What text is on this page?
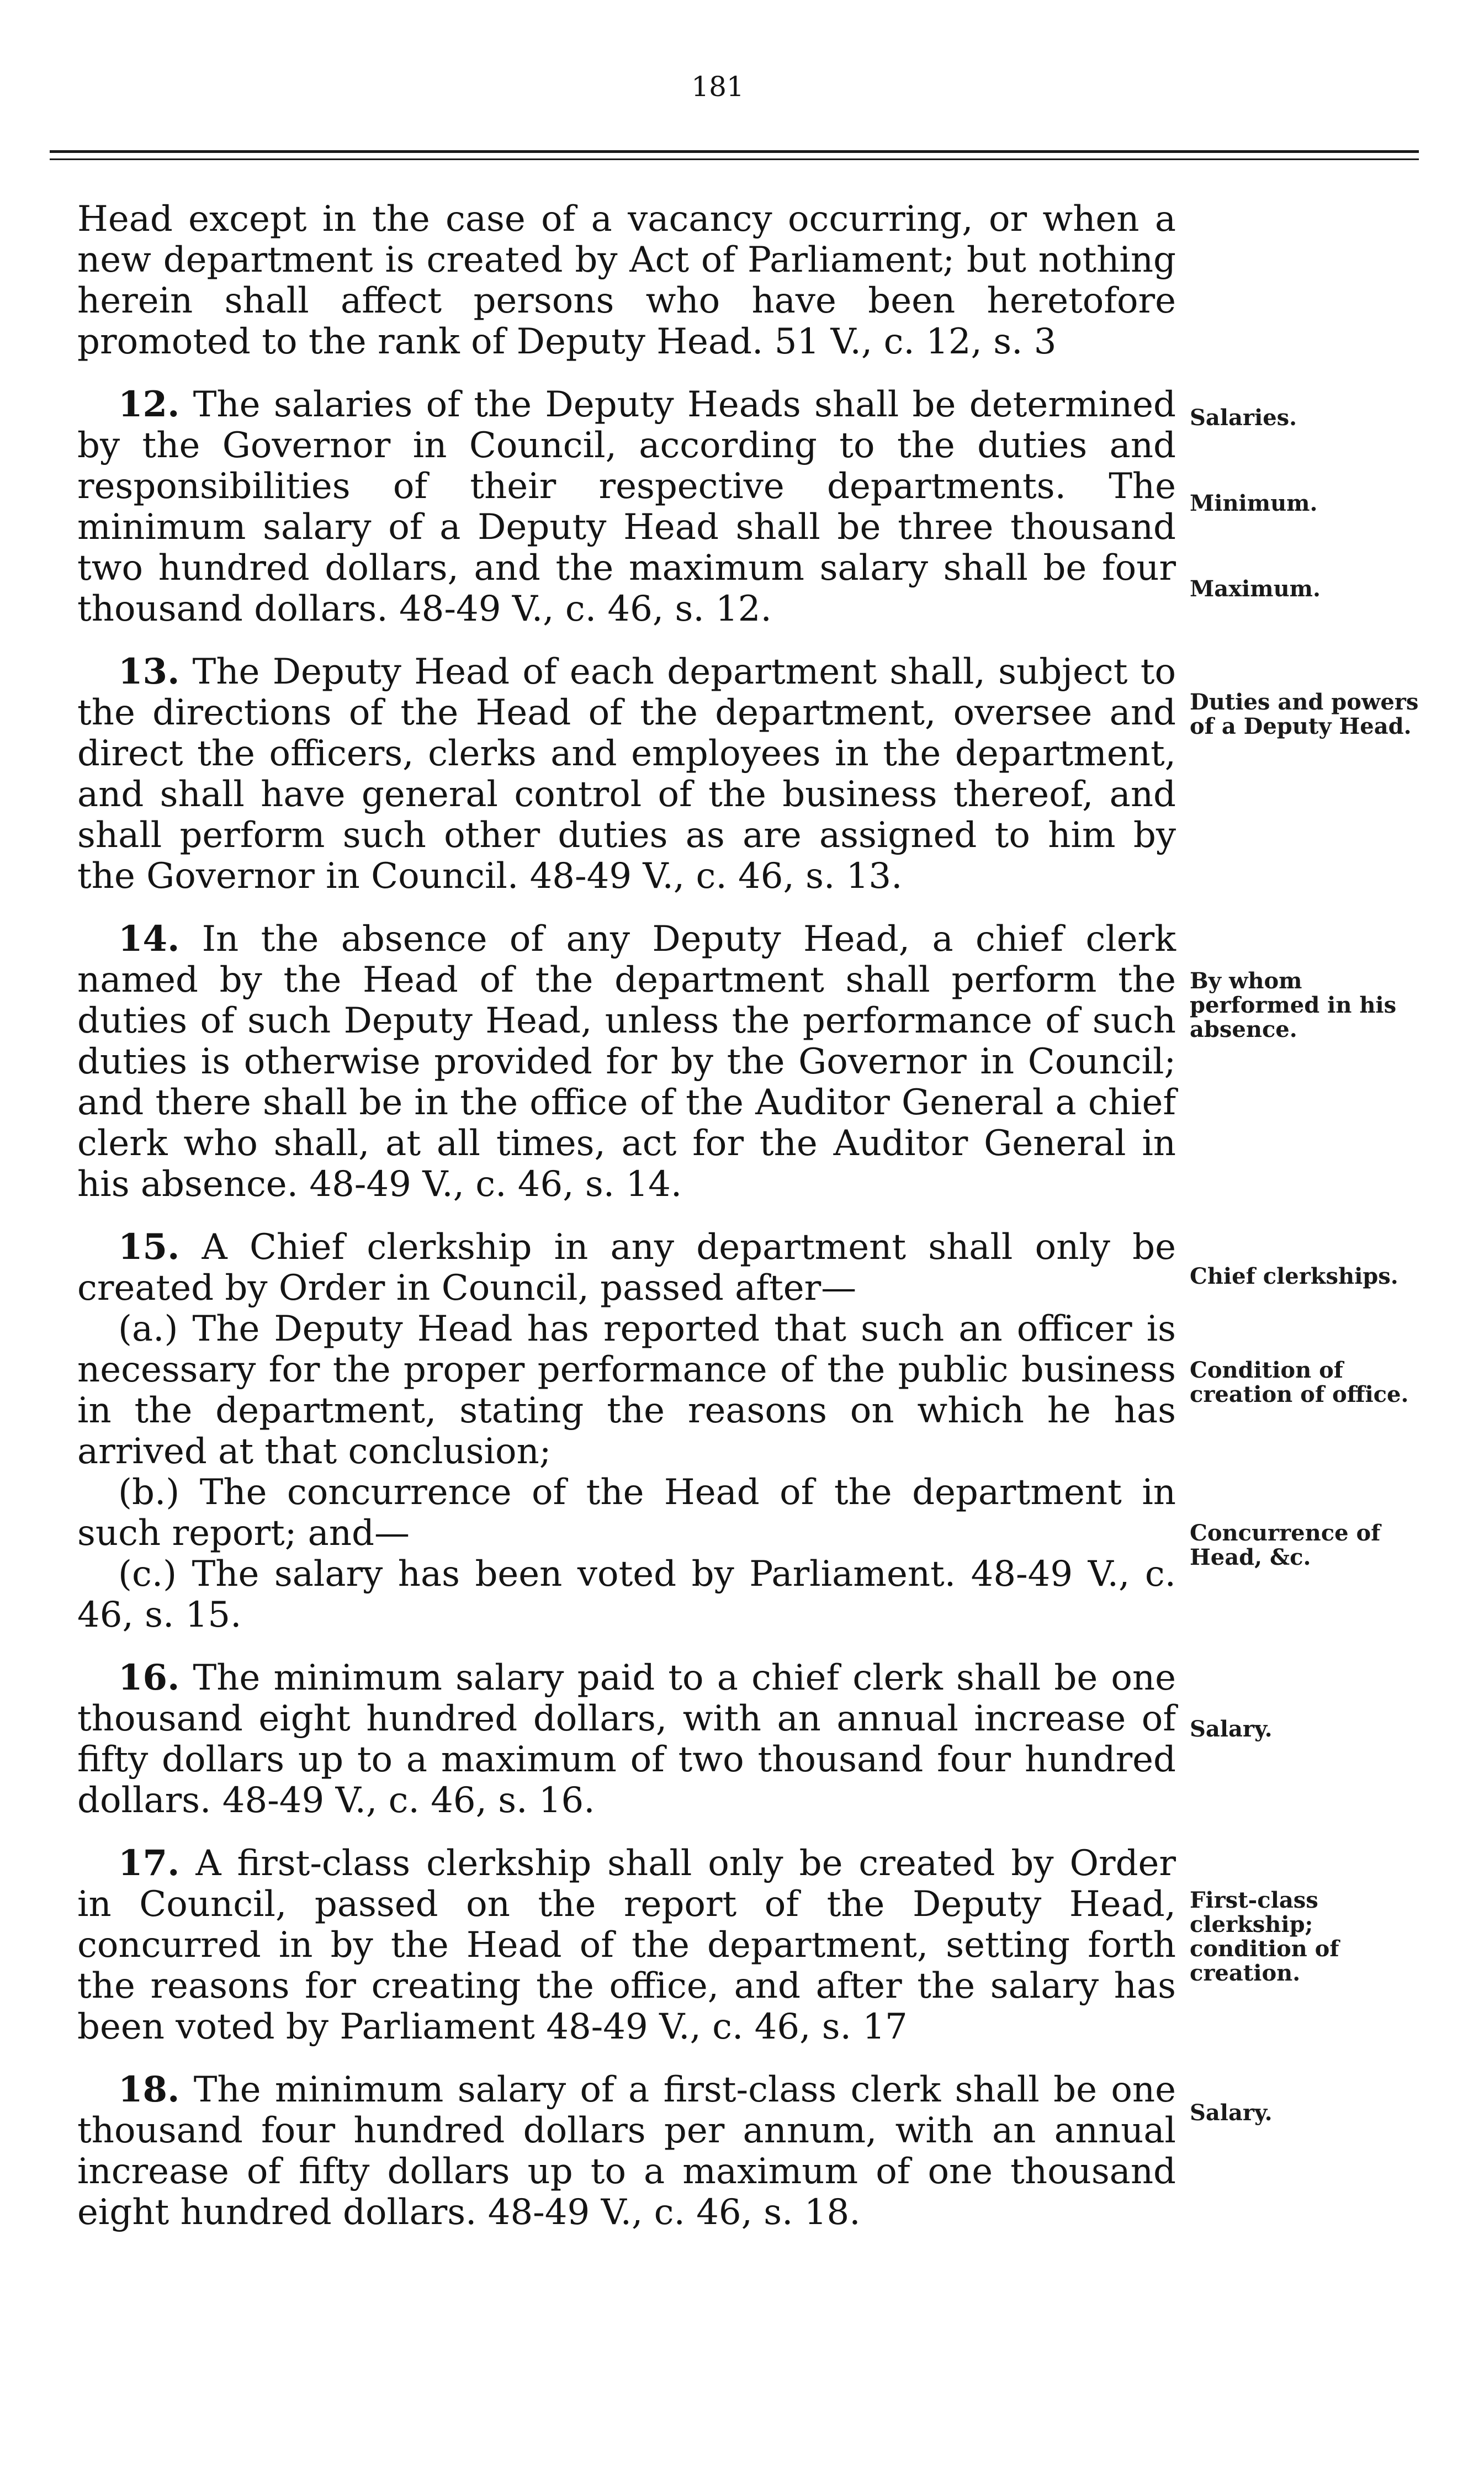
181

Head except in the case of a vacancy occurring, or when a new department is created by Act of Parliament; but nothing herein shall affect persons who have been heretofore promoted to the rank of Deputy Head. 51 V., c. 12, s. 3

12. The salaries of the Deputy Heads shall be determined by the Governor in Council, according to the duties and responsibilities of their respective departments. The minimum salary of a Deputy Head shall be three thousand two hundred dollars, and the maximum salary shall be four thousand dollars. 48-49 V., c. 46, s. 12.

13. The Deputy Head of each department shall, subject to the directions of the Head of the department, oversee and direct the officers, clerks and employees in the department, and shall have general control of the business thereof, and shall perform such other duties as are assigned to him by the Governor in Council. 48-49 V., c. 46, s. 13.

14. In the absence of any Deputy Head, a chief clerk named by the Head of the department shall perform the duties of such Deputy Head, unless the performance of such duties is otherwise provided for by the Governor in Council; and there shall be in the office of the Auditor General a chief clerk who shall, at all times, act for the Auditor General in his absence. 48-49 V., c. 46, s. 14.

15. A Chief clerkship in any department shall only be created by Order in Council, passed after—

(a.) The Deputy Head has reported that such an officer is necessary for the proper performance of the public business in the department, stating the reasons on which he has arrived at that conclusion;

(b.) The concurrence of the Head of the department in such report; and—

(c.) The salary has been voted by Parliament. 48-49 V., c. 46, s. 15.

16. The minimum salary paid to a chief clerk shall be one thousand eight hundred dollars, with an annual increase of fifty dollars up to a maximum of two thousand four hundred dollars. 48-49 V., c. 46, s. 16.

17. A first-class clerkship shall only be created by Order in Council, passed on the report of the Deputy Head, concurred in by the Head of the department, setting forth the reasons for creating the office, and after the salary has been voted by Parliament 48-49 V., c. 46, s. 17

18. The minimum salary of a first-class clerk shall be one thousand four hundred dollars per annum, with an annual increase of fifty dollars up to a maximum of one thousand eight hundred dollars. 48-49 V., c. 46, s. 18.

Salaries.
Minimum.
Maximum.
Duties and powers of a Deputy Head.
By whom performed in his absence.
Chief clerkships.
Condition of creation of office.
Concurrence of Head, &c.
Salary.
First-class clerkship; condition of creation.
Salary.
